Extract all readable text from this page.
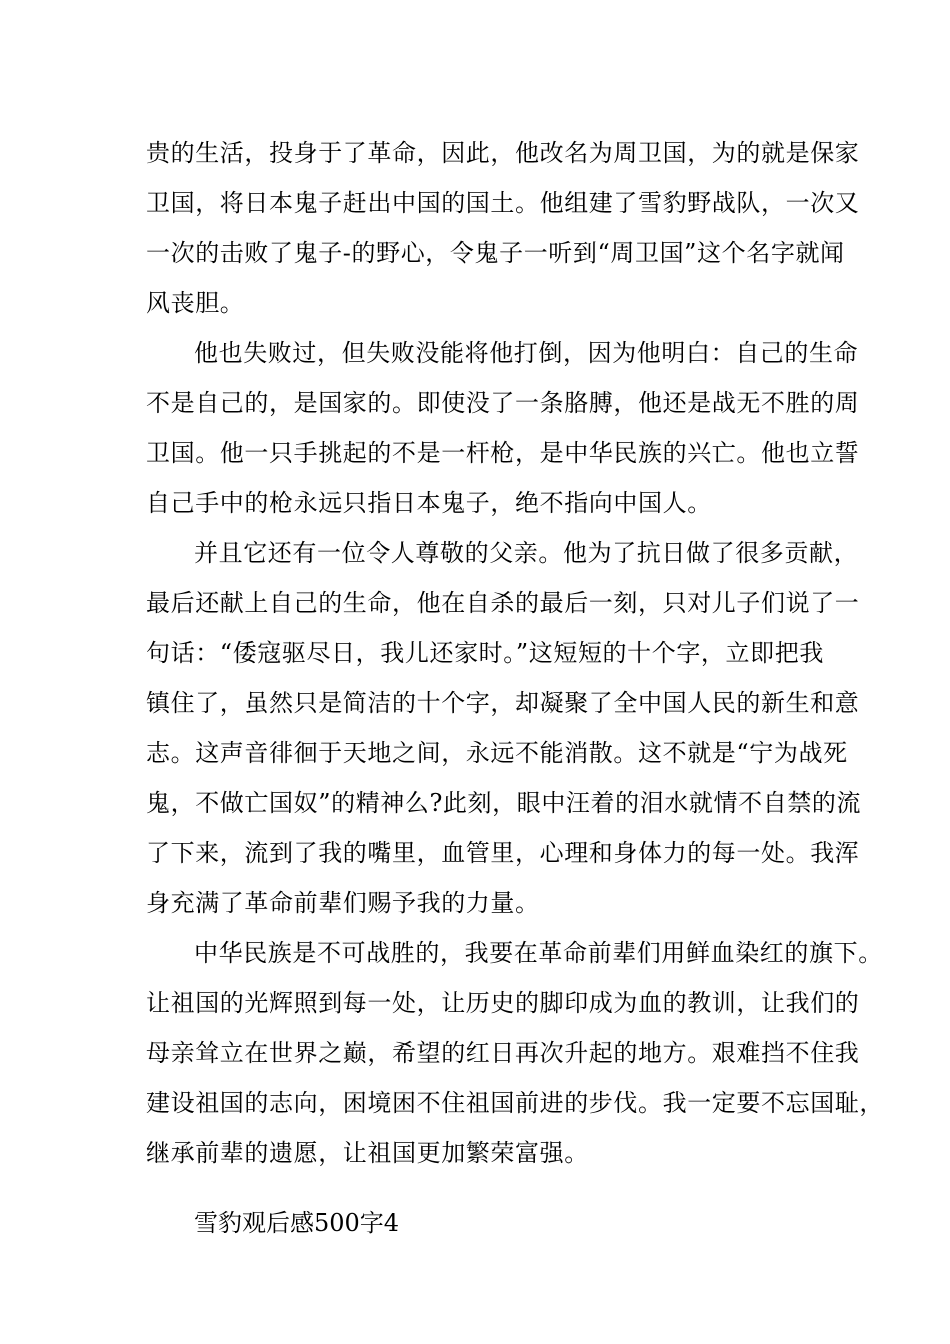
贵的生活，投身于了革命，因此，他改名为周卫国，为的就是保家
卫国，将日本鬼子赶出中国的国土。他组建了雪豹野战队，一次又
一次的击败了鬼子-的野心，令鬼子一听到“周卫国”这个名字就闻
风丧胆。
他也失败过，但失败没能将他打倒，因为他明白：自己的生命
不是自己的，是国家的。即使没了一条胳膊，他还是战无不胜的周
卫国。他一只手挑起的不是一杆枪，是中华民族的兴亡。他也立誓
自己手中的枪永远只指日本鬼子，绝不指向中国人。
并且它还有一位令人尊敬的父亲。他为了抗日做了很多贡献，
最后还献上自己的生命，他在自杀的最后一刻，只对儿子们说了一
句话：“倭寇驱尽日，我儿还家时。”这短短的十个字，立即把我
镇住了，虽然只是简洁的十个字，却凝聚了全中国人民的新生和意
志。这声音徘徊于天地之间，永远不能消散。这不就是“宁为战死
鬼，不做亡国奴”的精神么?此刻，眼中汪着的泪水就情不自禁的流
了下来，流到了我的嘴里，血管里，心理和身体力的每一处。我浑
身充满了革命前辈们赐予我的力量。
中华民族是不可战胜的，我要在革命前辈们用鲜血染红的旗下。
让祖国的光辉照到每一处，让历史的脚印成为血的教训，让我们的
母亲耸立在世界之巅，希望的红日再次升起的地方。艰难挡不住我
建设祖国的志向，困境困不住祖国前进的步伐。我一定要不忘国耻，
继承前辈的遗愿，让祖国更加繁荣富强。
雪豹观后感500字4
